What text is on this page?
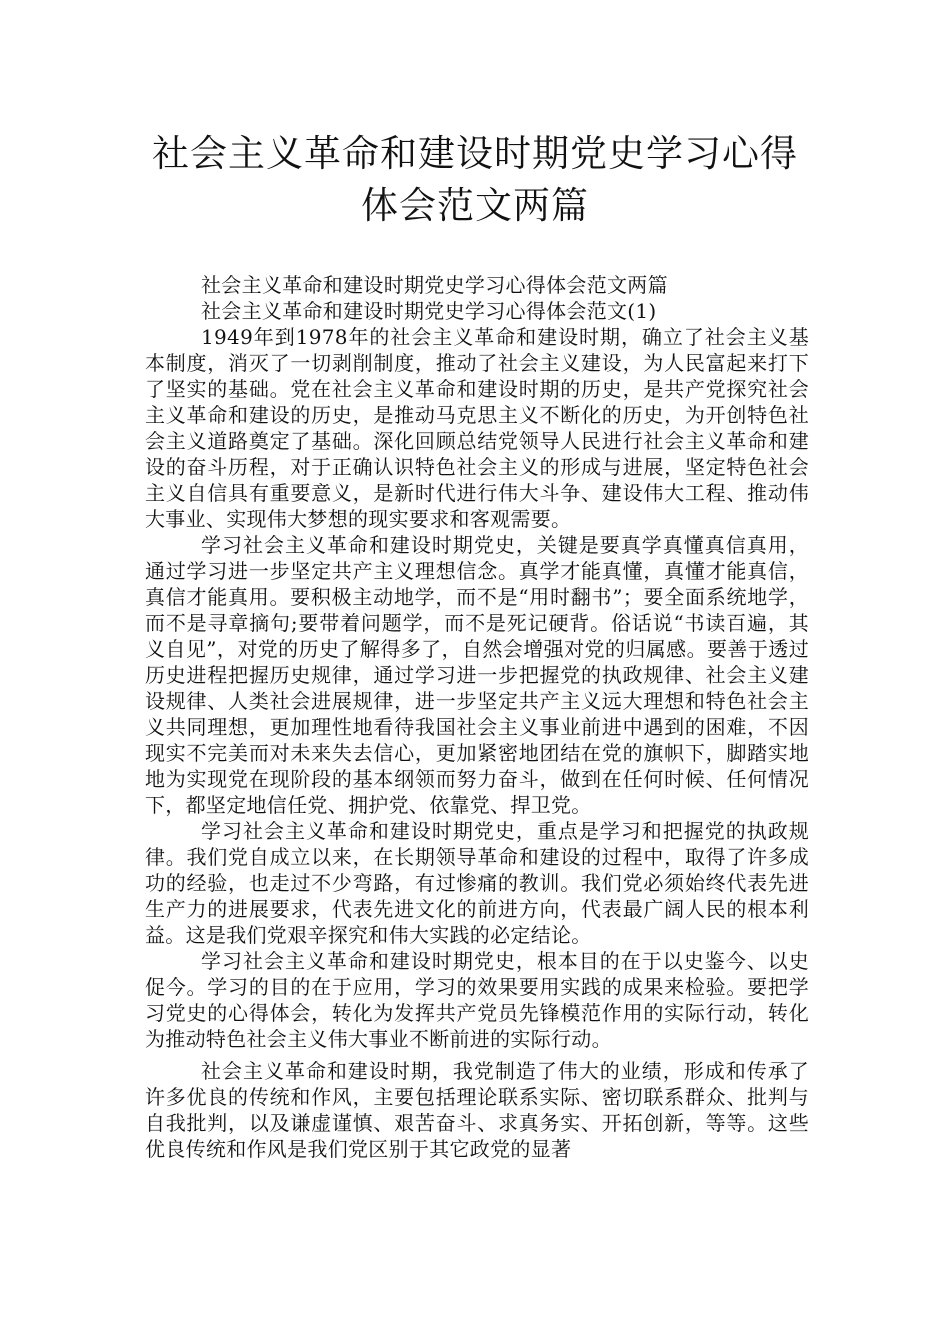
社会主义革命和建设时期党史学习心得体会范文两篇

社会主义革命和建设时期党史学习心得体会范文两篇

社会主义革命和建设时期党史学习心得体会范文(1)

1949年到1978年的社会主义革命和建设时期，确立了社会主义基本制度，消灭了一切剥削制度，推动了社会主义建设，为人民富起来打下了坚实的基础。党在社会主义革命和建设时期的历史，是共产党探究社会主义革命和建设的历史，是推动马克思主义不断化的历史，为开创特色社会主义道路奠定了基础。深化回顾总结党领导人民进行社会主义革命和建设的奋斗历程，对于正确认识特色社会主义的形成与进展，坚定特色社会主义自信具有重要意义，是新时代进行伟大斗争、建设伟大工程、推动伟大事业、实现伟大梦想的现实要求和客观需要。

学习社会主义革命和建设时期党史，关键是要真学真懂真信真用，通过学习进一步坚定共产主义理想信念。真学才能真懂，真懂才能真信，真信才能真用。要积极主动地学，而不是“用时翻书”；要全面系统地学，而不是寻章摘句;要带着问题学，而不是死记硬背。俗话说“书读百遍，其义自见”，对党的历史了解得多了，自然会增强对党的归属感。要善于透过历史进程把握历史规律，通过学习进一步把握党的执政规律、社会主义建设规律、人类社会进展规律，进一步坚定共产主义远大理想和特色社会主义共同理想，更加理性地看待我国社会主义事业前进中遇到的困难，不因现实不完美而对未来失去信心，更加紧密地团结在党的旗帜下，脚踏实地地为实现党在现阶段的基本纲领而努力奋斗，做到在任何时候、任何情况下，都坚定地信任党、拥护党、依靠党、捍卫党。

学习社会主义革命和建设时期党史，重点是学习和把握党的执政规律。我们党自成立以来，在长期领导革命和建设的过程中，取得了许多成功的经验，也走过不少弯路，有过惨痛的教训。我们党必须始终代表先进生产力的进展要求，代表先进文化的前进方向，代表最广阔人民的根本利益。这是我们党艰辛探究和伟大实践的必定结论。

学习社会主义革命和建设时期党史，根本目的在于以史鉴今、以史促今。学习的目的在于应用，学习的效果要用实践的成果来检验。要把学习党史的心得体会，转化为发挥共产党员先锋模范作用的实际行动，转化为推动特色社会主义伟大事业不断前进的实际行动。

社会主义革命和建设时期，我党制造了伟大的业绩，形成和传承了许多优良的传统和作风，主要包括理论联系实际、密切联系群众、批判与自我批判，以及谦虚谨慎、艰苦奋斗、求真务实、开拓创新，等等。这些优良传统和作风是我们党区别于其它政党的显著
